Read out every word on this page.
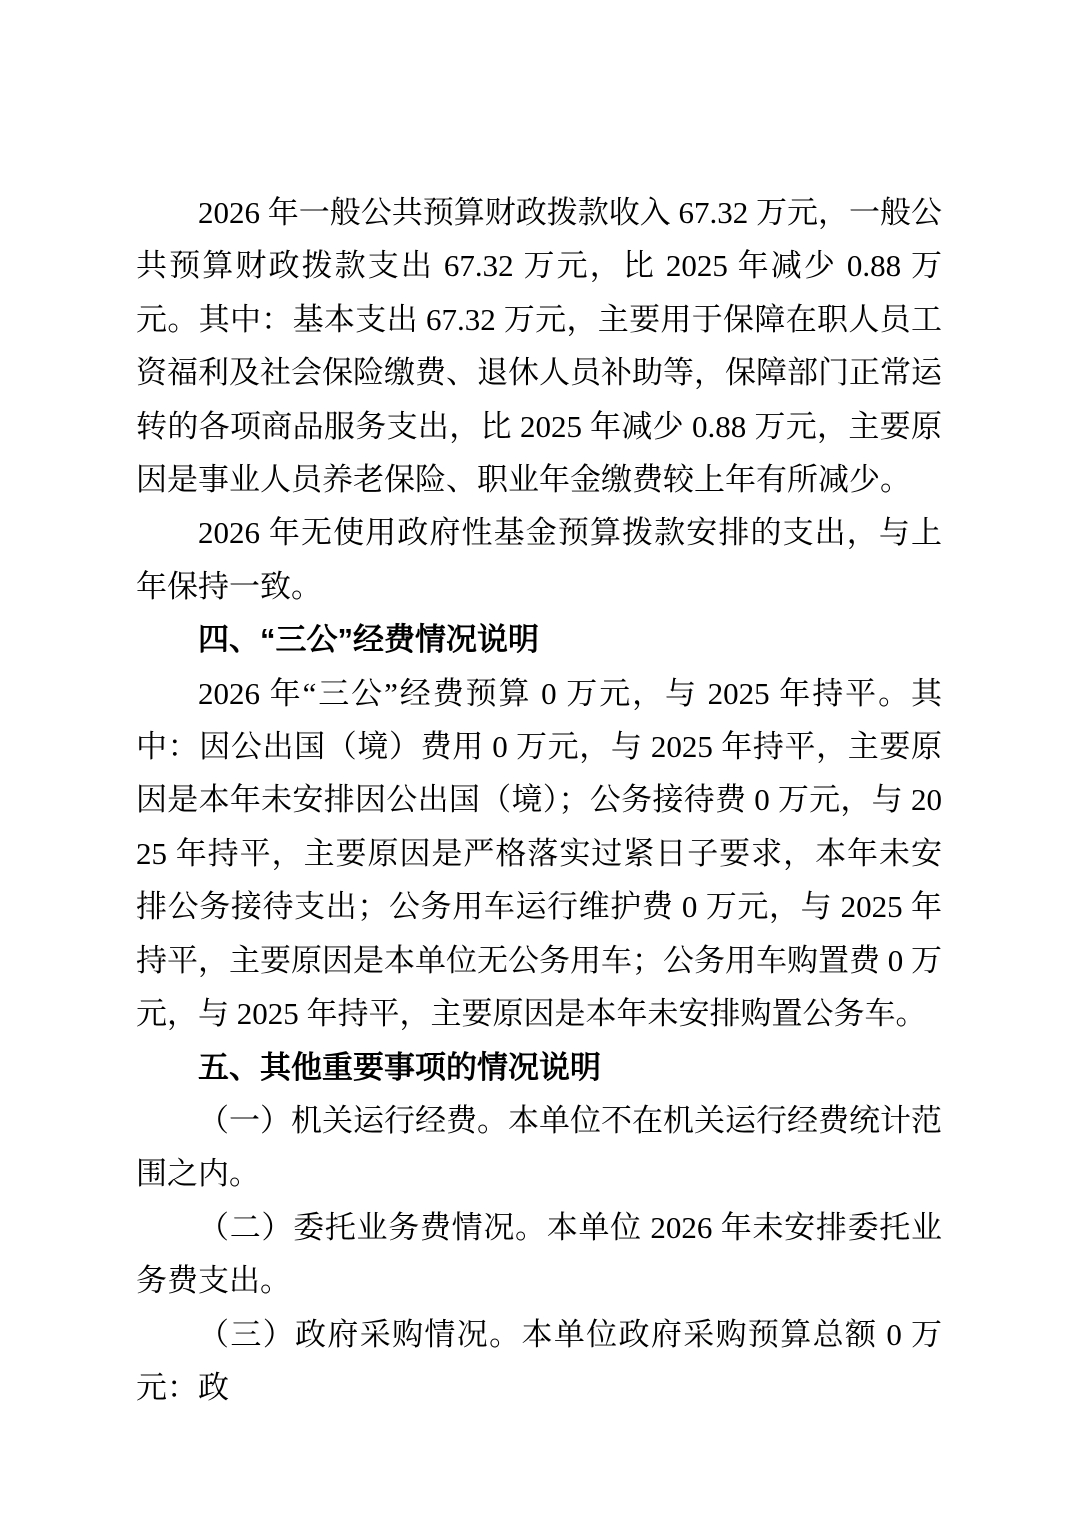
2026 年一般公共预算财政拨款收入 67.32 万元，一般公共预算财政拨款支出 67.32 万元，比 2025 年减少 0.88 万元。其中：基本支出 67.32 万元，主要用于保障在职人员工资福利及社会保险缴费、退休人员补助等，保障部门正常运转的各项商品服务支出，比 2025 年减少 0.88 万元，主要原因是事业人员养老保险、职业年金缴费较上年有所减少。

2026 年无使用政府性基金预算拨款安排的支出，与上年保持一致。

四、“三公”经费情况说明

2026 年“三公”经费预算 0 万元，与 2025 年持平。其中：因公出国（境）费用 0 万元，与 2025 年持平，主要原因是本年未安排因公出国（境）；公务接待费 0 万元，与 2025 年持平，主要原因是严格落实过紧日子要求，本年未安排公务接待支出；公务用车运行维护费 0 万元，与 2025 年持平，主要原因是本单位无公务用车；公务用车购置费 0 万元，与 2025 年持平，主要原因是本年未安排购置公务车。

五、其他重要事项的情况说明

（一）机关运行经费。本单位不在机关运行经费统计范围之内。

（二）委托业务费情况。本单位 2026 年未安排委托业务费支出。

（三）政府采购情况。本单位政府采购预算总额 0 万元：政
